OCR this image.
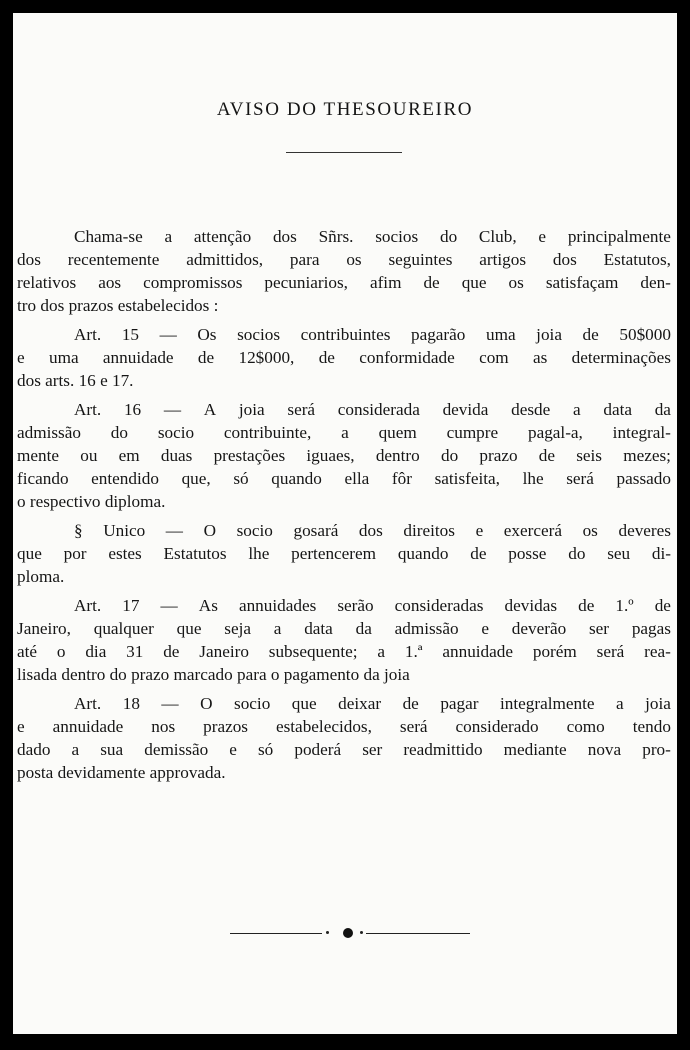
AVISO DO THESOUREIRO
Chama-se a attenção dos Sñrs. socios do Club, e principalmente
dos recentemente admittidos, para os seguintes artigos dos Estatutos,
relativos aos compromissos pecuniarios, afim de que os satisfaçam den-
tro dos prazos estabelecidos :
Art. 15 — Os socios contribuintes pagarão uma joia de 50$000
e uma annuidade de 12$000, de conformidade com as determinações
dos arts. 16 e 17.
Art. 16 — A joia será considerada devida desde a data da
admissão do socio contribuinte, a quem cumpre pagal-a, integral-
mente ou em duas prestações iguaes, dentro do prazo de seis mezes;
ficando entendido que, só quando ella fôr satisfeita, lhe será passado
o respectivo diploma.
§ Unico — O socio gosará dos direitos e exercerá os deveres
que por estes Estatutos lhe pertencerem quando de posse do seu di-
ploma.
Art. 17 — As annuidades serão consideradas devidas de 1.º de
Janeiro, qualquer que seja a data da admissão e deverão ser pagas
até o dia 31 de Janeiro subsequente; a 1.ª annuidade porém será rea-
lisada dentro do prazo marcado para o pagamento da joia
Art. 18 — O socio que deixar de pagar integralmente a joia
e annuidade nos prazos estabelecidos, será considerado como tendo
dado a sua demissão e só poderá ser readmittido mediante nova pro-
posta devidamente approvada.
